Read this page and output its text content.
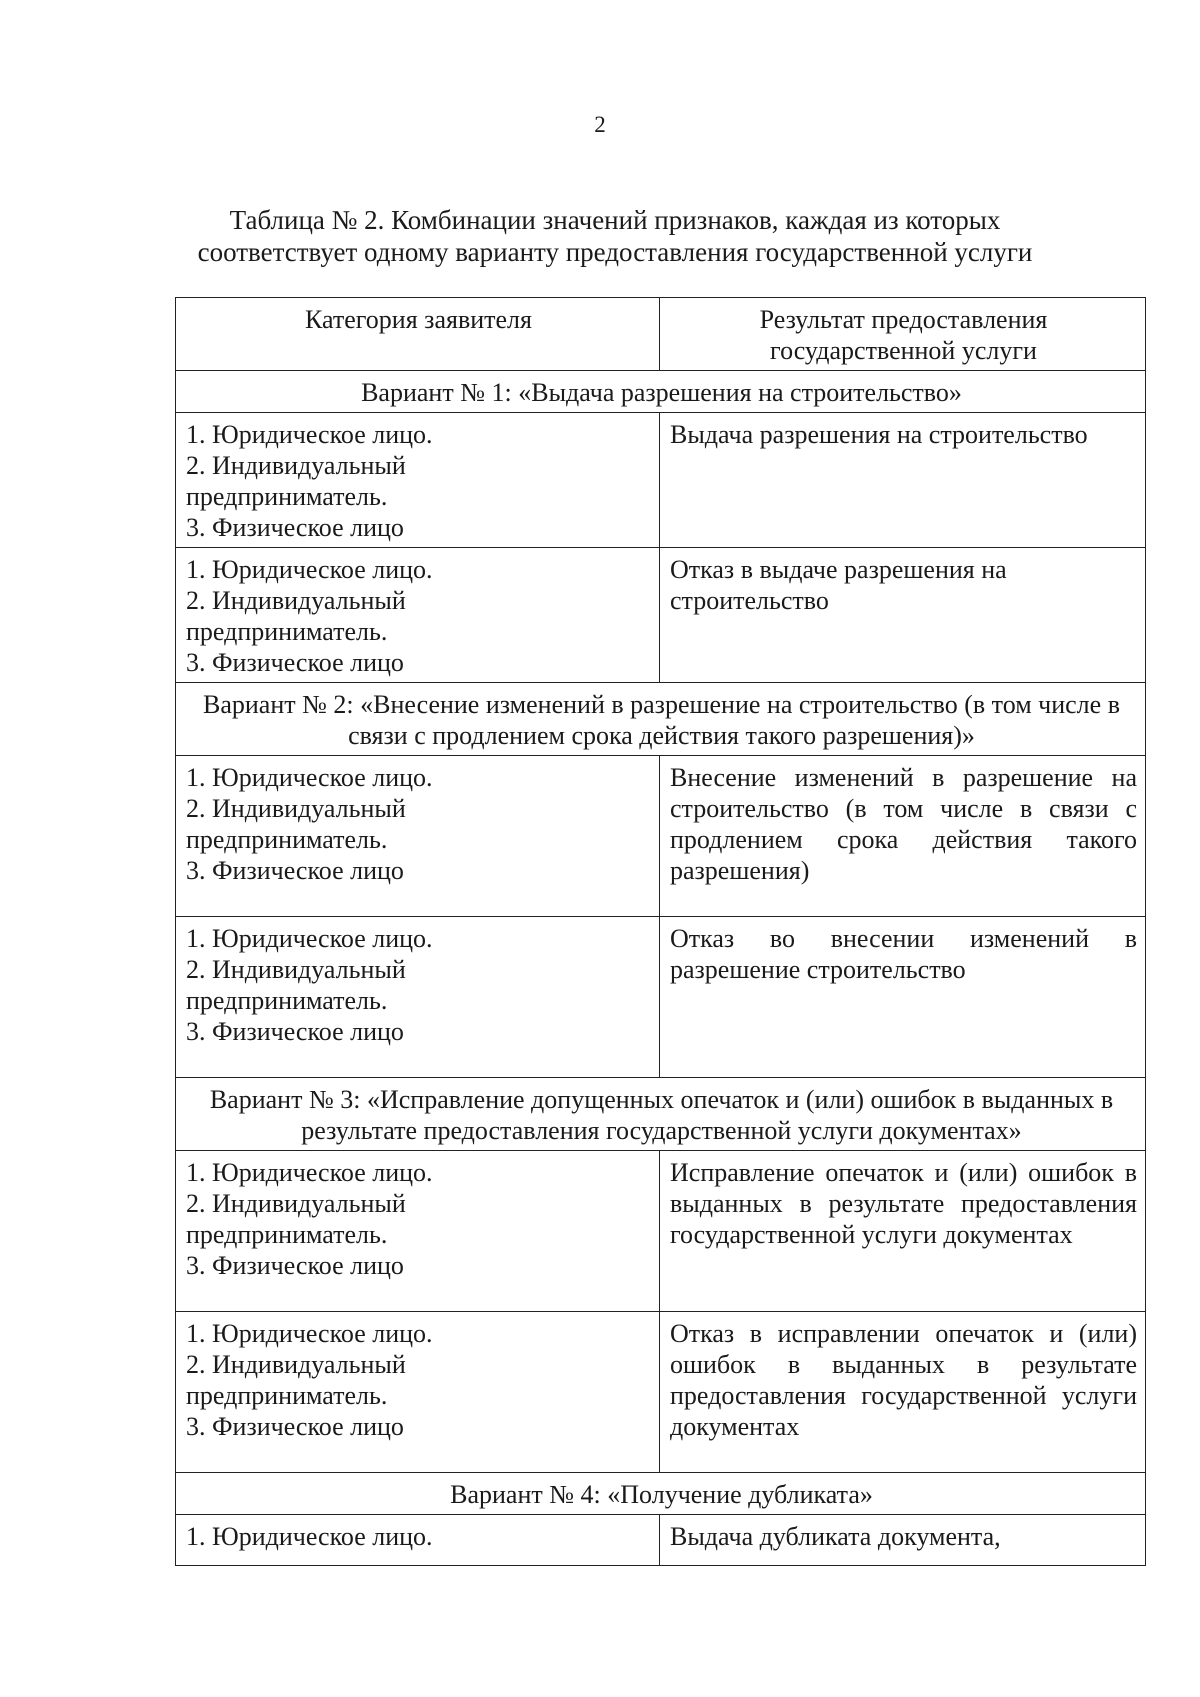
2
Таблица № 2. Комбинации значений признаков, каждая из которых
соответствует одному варианту предоставления государственной услуги
Категория заявителя	Результат предоставления
государственной услуги

Вариант № 1: «Выдача разрешения на строительство»	

1. Юридическое лицо.
2. Индивидуальный
предприниматель.
3. Физическое лицо	Выдача разрешения на строительство

1. Юридическое лицо.
2. Индивидуальный
предприниматель.
3. Физическое лицо	Отказ в выдаче разрешения на строительство
Вариант № 2: «Внесение изменений в разрешение на строительство (в том числе в связи с продлением срока действия такого разрешения)»	

1. Юридическое лицо.
2. Индивидуальный
предприниматель.
3. Физическое лицо	Внесение изменений в разрешение на строительство (в том числе в связи с продлением срока действия такого разрешения)

1. Юридическое лицо.
2. Индивидуальный
предприниматель.
3. Физическое лицо	Отказ во внесении изменений в разрешение строительство
Вариант № 3: «Исправление допущенных опечаток и (или) ошибок в выданных в результате предоставления государственной услуги документах»	

1. Юридическое лицо.
2. Индивидуальный
предприниматель.
3. Физическое лицо	Исправление опечаток и (или) ошибок в выданных в результате предоставления государственной услуги документах

1. Юридическое лицо.
2. Индивидуальный
предприниматель.
3. Физическое лицо	Отказ в исправлении опечаток и (или) ошибок в выданных в результате предоставления государственной услуги документах
Вариант № 4: «Получение дубликата»	

1. Юридическое лицо.	Выдача дубликата документа,
